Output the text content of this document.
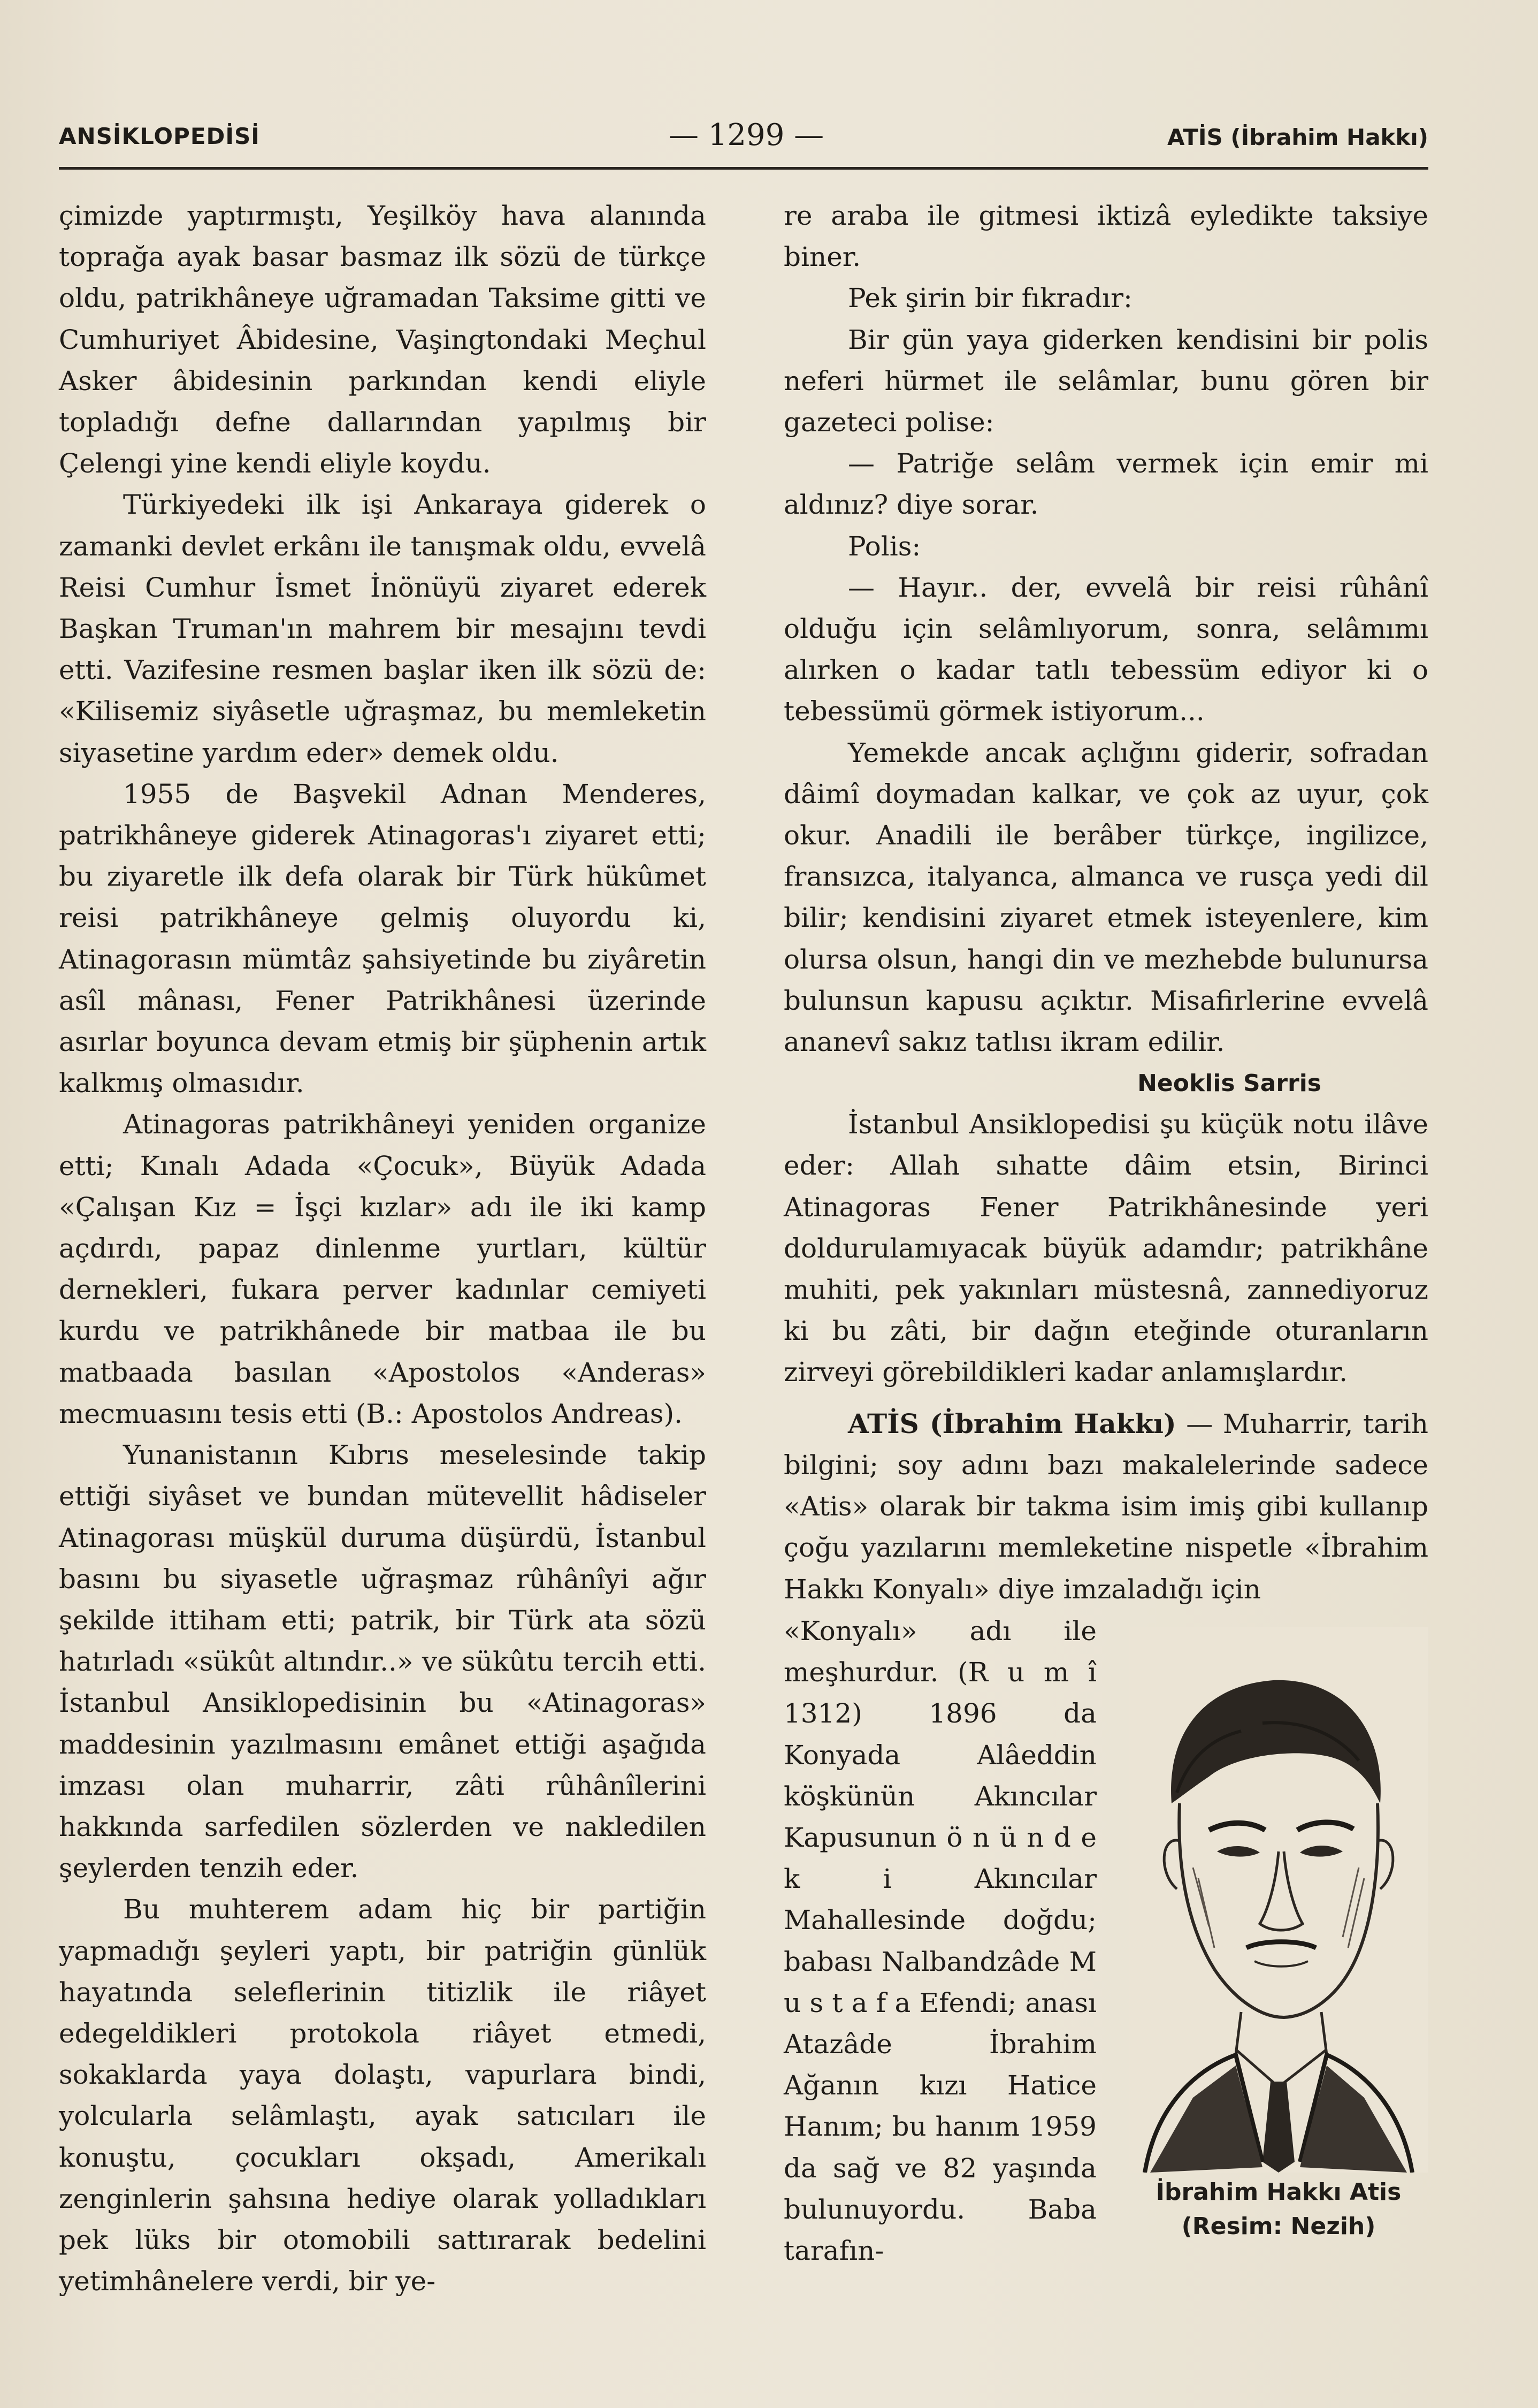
ANSİKLOPEDİSİ	— 1299 —	ATİS (İbrahim Hakkı)

çimizde yaptırmıştı, Yeşilköy hava alanında toprağa ayak basar basmaz ilk sözü de türkçe oldu, patrikhâneye uğramadan Taksime gitti ve Cumhuriyet Âbidesine, Vaşingtondaki Meçhul Asker âbidesinin parkından kendi eliyle topladığı defne dallarından yapılmış bir Çelengi yine kendi eliyle koydu.

Türkiyedeki ilk işi Ankaraya giderek o zamanki devlet erkânı ile tanışmak oldu, evvelâ Reisi Cumhur İsmet İnönüyü ziyaret ederek Başkan Truman'ın mahrem bir mesajını tevdi etti. Vazifesine resmen başlar iken ilk sözü de: «Kilisemiz siyâsetle uğraşmaz, bu memleketin siyasetine yardım eder» demek oldu.

1955 de Başvekil Adnan Menderes, patrikhâneye giderek Atinagoras'ı ziyaret etti; bu ziyaretle ilk defa olarak bir Türk hükûmet reisi patrikhâneye gelmiş oluyordu ki, Atinagorasın mümtâz şahsiyetinde bu ziyâretin asîl mânası, Fener Patrikhânesi üzerinde asırlar boyunca devam etmiş bir şüphenin artık kalkmış olmasıdır.

Atinagoras patrikhâneyi yeniden organize etti; Kınalı Adada «Çocuk», Büyük Adada «Çalışan Kız = İşçi kızlar» adı ile iki kamp açdırdı, papaz dinlenme yurtları, kültür dernekleri, fukara perver kadınlar cemiyeti kurdu ve patrikhânede bir matbaa ile bu matbaada basılan «Apostolos «Anderas» mecmuasını tesis etti (B.: Apostolos Andreas).

Yunanistanın Kıbrıs meselesinde takip ettiği siyâset ve bundan mütevellit hâdiseler Atinagorası müşkül duruma düşürdü, İstanbul basını bu siyasetle uğraşmaz rûhânîyi ağır şekilde ittiham etti; patrik, bir Türk ata sözü hatırladı «sükût altındır..» ve sükûtu tercih etti. İstanbul Ansiklopedisinin bu «Atinagoras» maddesinin yazılmasını emânet ettiği aşağıda imzası olan muharrir, zâti rûhânîlerini hakkında sarfedilen sözlerden ve nakledilen şeylerden tenzih eder.

Bu muhterem adam hiç bir partiğin yapmadığı şeyleri yaptı, bir patriğin günlük hayatında seleflerinin titizlik ile riâyet edegeldikleri protokola riâyet etmedi, sokaklarda yaya dolaştı, vapurlara bindi, yolcularla selâmlaştı, ayak satıcıları ile konuştu, çocukları okşadı, Amerikalı zenginlerin şahsına hediye olarak yolladıkları pek lüks bir otomobili sattırarak bedelini yetimhânelere verdi, bir ye-

re araba ile gitmesi iktizâ eyledikte taksiye biner.

Pek şirin bir fıkradır:

Bir gün yaya giderken kendisini bir polis neferi hürmet ile selâmlar, bunu gören bir gazeteci polise:

— Patriğe selâm vermek için emir mi aldınız? diye sorar.

Polis:

— Hayır.. der, evvelâ bir reisi rûhânî olduğu için selâmlıyorum, sonra, selâmımı alırken o kadar tatlı tebessüm ediyor ki o tebessümü görmek istiyorum...

Yemekde ancak açlığını giderir, sofradan dâimî doymadan kalkar, ve çok az uyur, çok okur. Anadili ile berâber türkçe, ingilizce, fransızca, italyanca, almanca ve rusça yedi dil bilir; kendisini ziyaret etmek isteyenlere, kim olursa olsun, hangi din ve mezhebde bulunursa bulunsun kapusu açıktır. Misafirlerine evvelâ ananevî sakız tatlısı ikram edilir.

Neoklis Sarris

İstanbul Ansiklopedisi şu küçük notu ilâve eder: Allah sıhatte dâim etsin, Birinci Atinagoras Fener Patrikhânesinde yeri doldurulamıyacak büyük adamdır; patrikhâne muhiti, pek yakınları müstesnâ, zannediyoruz ki bu zâti, bir dağın eteğinde oturanların zirveyi görebildikleri kadar anlamışlardır.

ATİS (İbrahim Hakkı) — Muharrir, tarih bilgini; soy adını bazı makalelerinde sadece «Atis» olarak bir takma isim imiş gibi kullanıp çoğu yazılarını memleketine nispetle «İbrahim Hakkı Konyalı» diye imzaladığı için

«Konyalı» adı ile meşhurdur. (R u m î 1312) 1896 da Konyada Alâeddin köşkünün Akıncılar Kapusunun ö n ü n d e k i Akıncılar Mahallesinde doğdu; babası Nalbandzâde M u s t a f a Efendi; anası Atazâde İbrahim Ağanın kızı Hatice Hanım; bu hanım 1959 da sağ ve 82 yaşında bulunuyordu. Baba tarafın-

İbrahim Hakkı Atis
(Resim: Nezih)
